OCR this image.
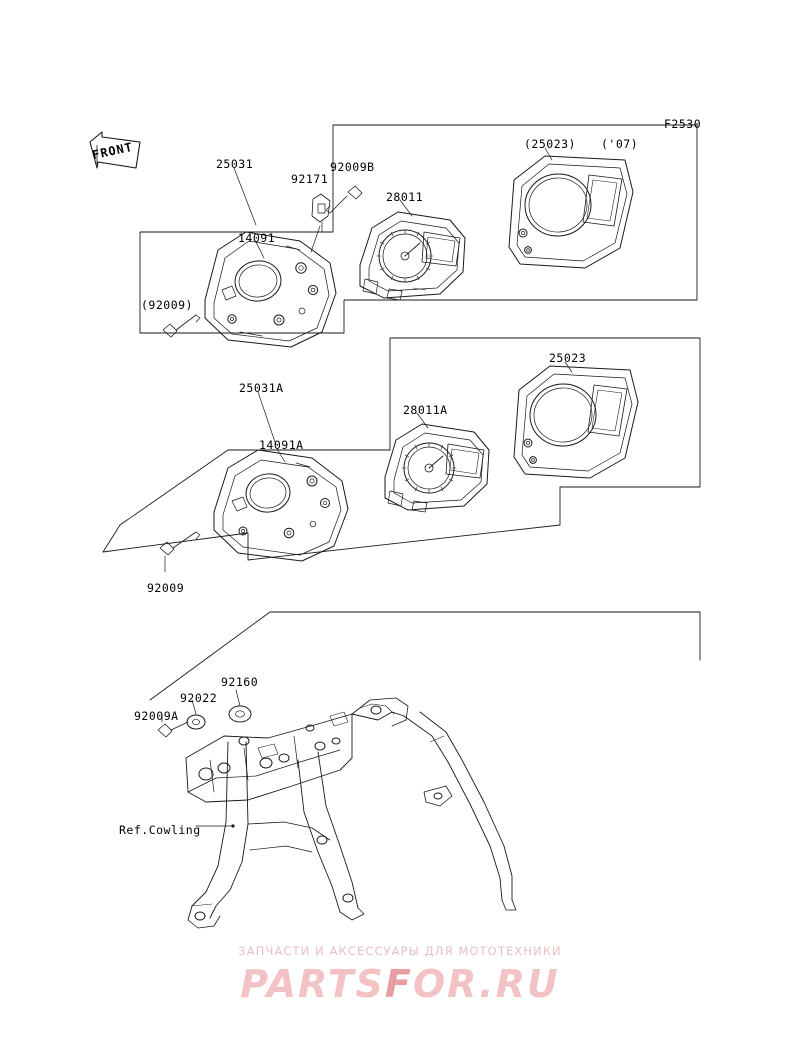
FRONT
F2530
(25023) ('07)
25031	92009B
92171
28011
14091
(92009)
25023
25031A
28011A
14091A
92009
92160
92022
92009A
Ref.Cowling
ЗАПЧАСТИ И АКСЕССУАРЫ ДЛЯ МОТОТЕХНИКИ
PARTSFOR.RU
